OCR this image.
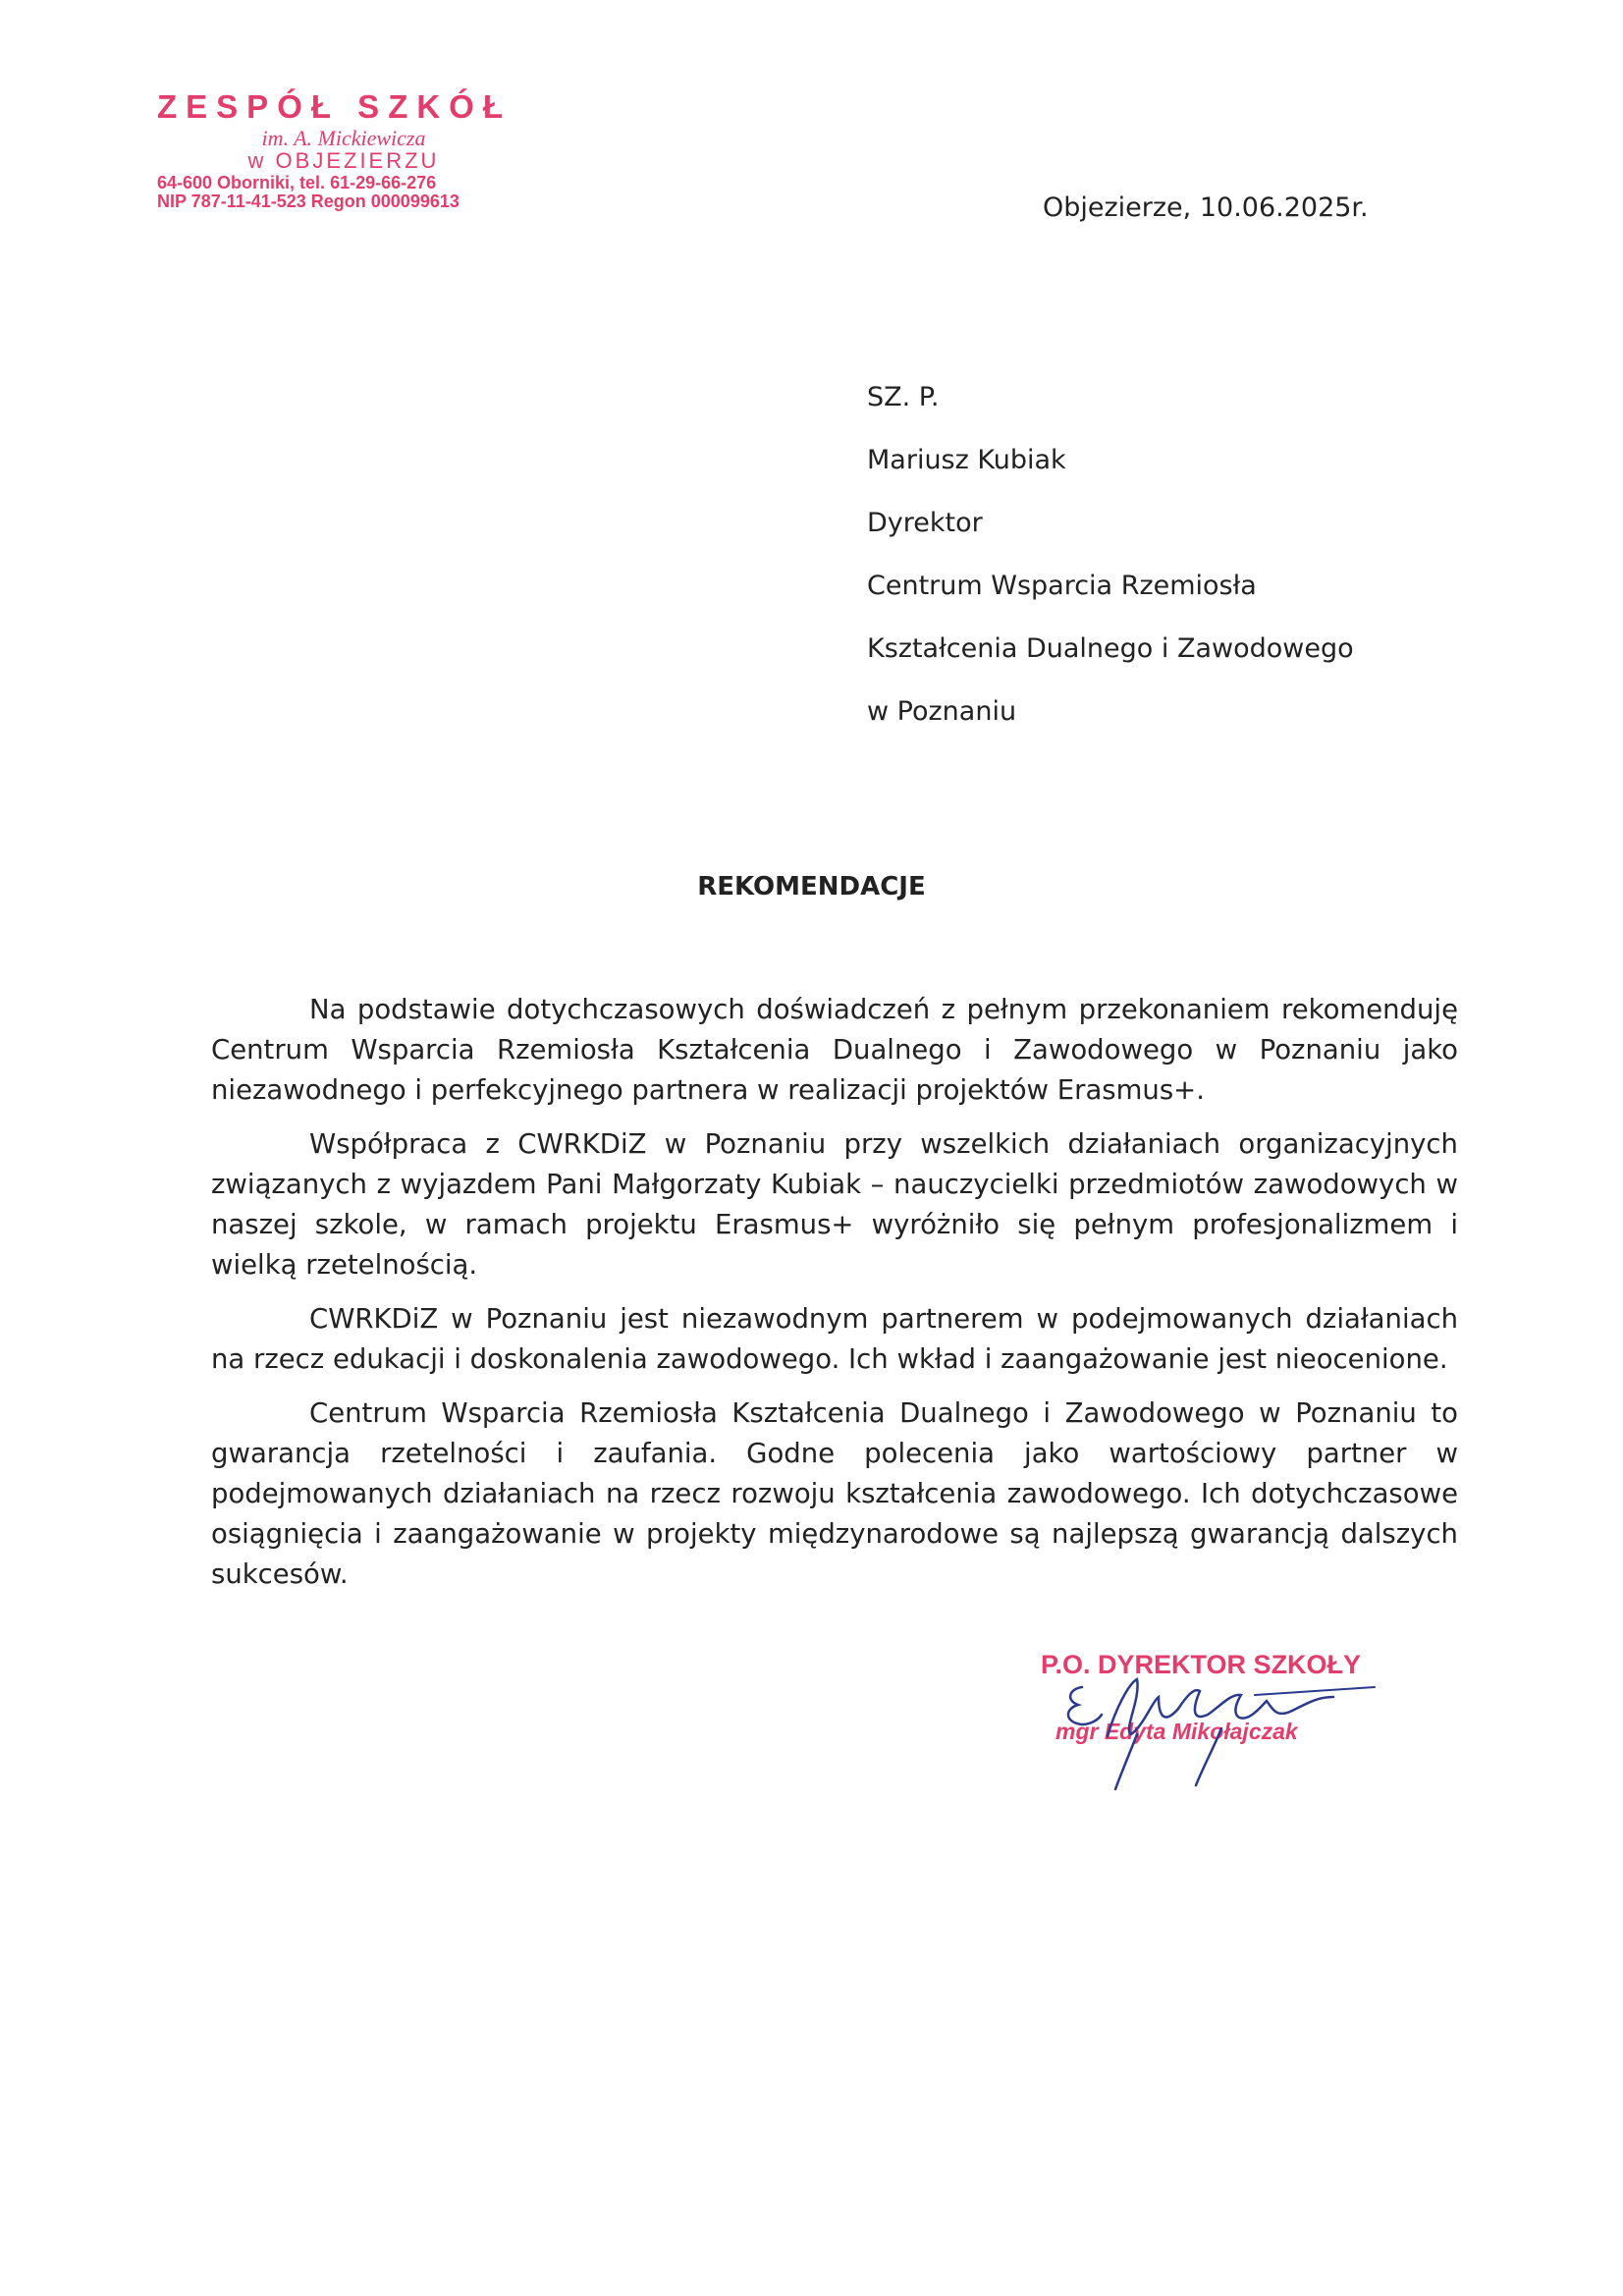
ZESPÓŁ SZKÓŁ
im. A. Mickiewicza
w OBJEZIERZU
64-600 Oborniki, tel. 61-29-66-276
NIP 787-11-41-523 Regon 000099613	Objezierze, 10.06.2025r.
SZ. P.
Mariusz Kubiak
Dyrektor
Centrum Wsparcia Rzemiosła
Kształcenia Dualnego i Zawodowego
w Poznaniu
REKOMENDACJE

Na podstawie dotychczasowych doświadczeń z pełnym przekonaniem rekomenduję Centrum Wsparcia Rzemiosła Kształcenia Dualnego i Zawodowego w Poznaniu jako niezawodnego i perfekcyjnego partnera w realizacji projektów Erasmus+.

Współpraca z CWRKDiZ w Poznaniu przy wszelkich działaniach organizacyjnych związanych z wyjazdem Pani Małgorzaty Kubiak – nauczycielki przedmiotów zawodowych w naszej szkole, w ramach projektu Erasmus+ wyróżniło się pełnym profesjonalizmem i wielką rzetelnością.

CWRKDiZ w Poznaniu jest niezawodnym partnerem w podejmowanych działaniach na rzecz edukacji i doskonalenia zawodowego. Ich wkład i zaangażowanie jest nieocenione.

Centrum Wsparcia Rzemiosła Kształcenia Dualnego i Zawodowego w Poznaniu to gwarancja rzetelności i zaufania. Godne polecenia jako wartościowy partner w podejmowanych działaniach na rzecz rozwoju kształcenia zawodowego. Ich dotychczasowe osiągnięcia i zaangażowanie w projekty międzynarodowe są najlepszą gwarancją dalszych sukcesów.

P.O. DYREKTOR SZKOŁY
mgr Edyta Mikołajczak
